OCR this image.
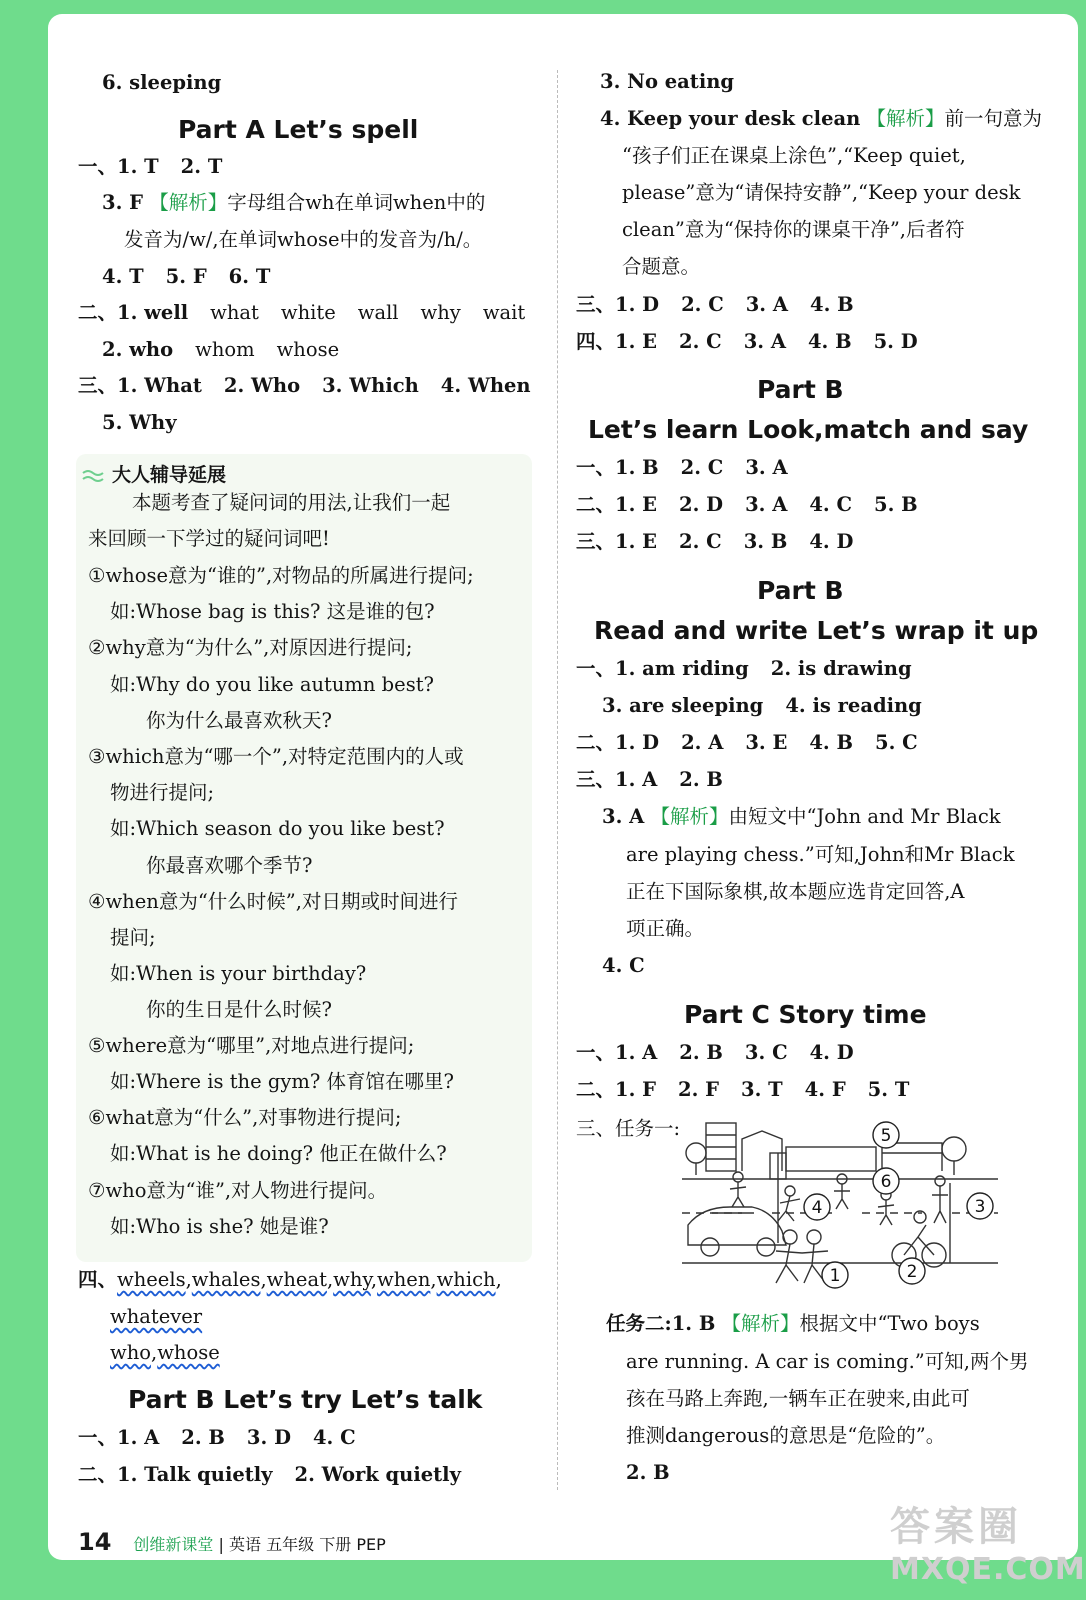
6. sleeping
Part A Let’s spell
一、1. T 2. T
3. F 【解析】字母组合wh在单词when中的
发音为/w/,在单词whose中的发音为/h/。
4. T 5. F 6. T
二、1. well what white wall why wait
2. who whom whose
三、1. What 2. Who 3. Which 4. When
5. Why
大人辅导延展
本题考查了疑问词的用法,让我们一起
来回顾一下学过的疑问词吧!
①whose意为“谁的”,对物品的所属进行提问;
如:Whose bag is this? 这是谁的包?
②why意为“为什么”,对原因进行提问;
如:Why do you like autumn best?
你为什么最喜欢秋天?
③which意为“哪一个”,对特定范围内的人或
物进行提问;
如:Which season do you like best?
你最喜欢哪个季节?
④when意为“什么时候”,对日期或时间进行
提问;
如:When is your birthday?
你的生日是什么时候?
⑤where意为“哪里”,对地点进行提问;
如:Where is the gym? 体育馆在哪里?
⑥what意为“什么”,对事物进行提问;
如:What is he doing? 他正在做什么?
⑦who意为“谁”,对人物进行提问。
如:Who is she? 她是谁?
四、wheels,whales,wheat,why,when,which,
whatever
who,whose
Part B Let’s try Let’s talk
一、1. A 2. B 3. D 4. C
二、1. Talk quietly 2. Work quietly
3. No eating
4. Keep your desk clean 【解析】前一句意为
“孩子们正在课桌上涂色”,“Keep quiet,
please”意为“请保持安静”,“Keep your desk
clean”意为“保持你的课桌干净”,后者符
合题意。
三、1. D 2. C 3. A 4. B
四、1. E 2. C 3. A 4. B 5. D
Part B
Let’s learn Look,match and say
一、1. B 2. C 3. A
二、1. E 2. D 3. A 4. C 5. B
三、1. E 2. C 3. B 4. D
Part B
Read and write Let’s wrap it up
一、1. am riding 2. is drawing
3. are sleeping 4. is reading
二、1. D 2. A 3. E 4. B 5. C
三、1. A 2. B
3. A 【解析】由短文中“John and Mr Black
are playing chess.”可知,John和Mr Black
正在下国际象棋,故本题应选肯定回答,A
项正确。
4. C
Part C Story time
一、1. A 2. B 3. C 4. D
二、1. F 2. F 3. T 4. F 5. T
三、任务一:	5
6
4	3
1	2
任务二:1. B 【解析】根据文中“Two boys
are running. A car is coming.”可知,两个男
孩在马路上奔跑,一辆车正在驶来,由此可
推测dangerous的意思是“危险的”。
2. B
14 创维新课堂 | 英语 五年级 下册 PEP	答案圈
MXQE.COM
